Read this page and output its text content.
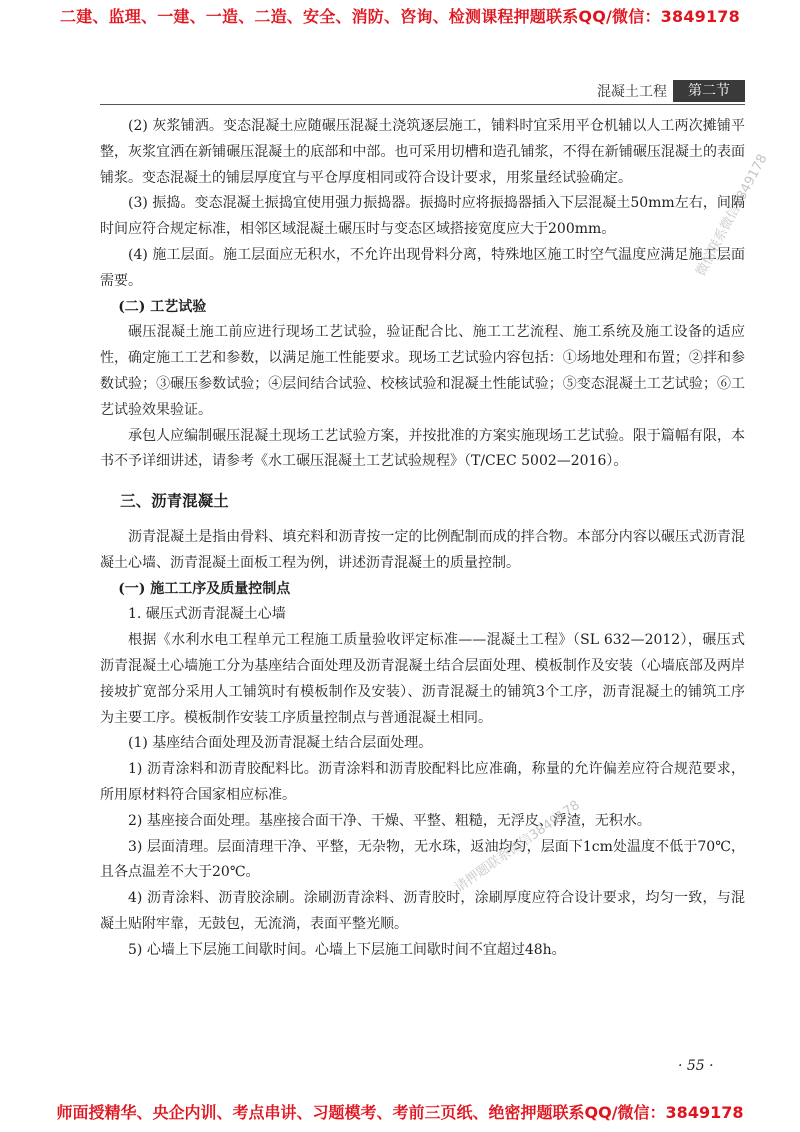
二建、监理、一建、一造、二造、安全、消防、咨询、检测课程押题联系QQ/微信：3849178
混凝土工程	第二节

(2) 灰浆铺洒。变态混凝土应随碾压混凝土浇筑逐层施工，铺料时宜采用平仓机辅以人工两次摊铺平整，灰浆宜洒在新铺碾压混凝土的底部和中部。也可采用切槽和造孔铺浆，不得在新铺碾压混凝土的表面铺浆。变态混凝土的铺层厚度宜与平仓厚度相同或符合设计要求，用浆量经试验确定。

(3) 振捣。变态混凝土振捣宜使用强力振捣器。振捣时应将振捣器插入下层混凝土50mm左右，间隔时间应符合规定标准，相邻区域混凝土碾压时与变态区域搭接宽度应大于200mm。

(4) 施工层面。施工层面应无积水，不允许出现骨料分离，特殊地区施工时空气温度应满足施工层面需要。

(二) 工艺试验

碾压混凝土施工前应进行现场工艺试验，验证配合比、施工工艺流程、施工系统及施工设备的适应性，确定施工工艺和参数，以满足施工性能要求。现场工艺试验内容包括：①场地处理和布置；②拌和参数试验；③碾压参数试验；④层间结合试验、校核试验和混凝土性能试验；⑤变态混凝土工艺试验；⑥工艺试验效果验证。

承包人应编制碾压混凝土现场工艺试验方案，并按批准的方案实施现场工艺试验。限于篇幅有限，本书不予详细讲述，请参考《水工碾压混凝土工艺试验规程》（T/CEC 5002—2016）。

三、沥青混凝土

沥青混凝土是指由骨料、填充料和沥青按一定的比例配制而成的拌合物。本部分内容以碾压式沥青混凝土心墙、沥青混凝土面板工程为例，讲述沥青混凝土的质量控制。

(一) 施工工序及质量控制点

1. 碾压式沥青混凝土心墙

根据《水利水电工程单元工程施工质量验收评定标准——混凝土工程》（SL 632—2012），碾压式沥青混凝土心墙施工分为基座结合面处理及沥青混凝土结合层面处理、模板制作及安装（心墙底部及两岸接坡扩宽部分采用人工铺筑时有模板制作及安装）、沥青混凝土的铺筑3个工序，沥青混凝土的铺筑工序为主要工序。模板制作安装工序质量控制点与普通混凝土相同。

(1) 基座结合面处理及沥青混凝土结合层面处理。

1) 沥青涂料和沥青胶配料比。沥青涂料和沥青胶配料比应准确，称量的允许偏差应符合规范要求，所用原材料符合国家相应标准。

2) 基座接合面处理。基座接合面干净、干燥、平整、粗糙，无浮皮、浮渣，无积水。

3) 层面清理。层面清理干净、平整，无杂物，无水珠，返油均匀，层面下1cm处温度不低于70℃，且各点温差不大于20℃。

4) 沥青涂料、沥青胶涂刷。涂刷沥青涂料、沥青胶时，涂刷厚度应符合设计要求，均匀一致，与混凝土贴附牢靠，无鼓包，无流淌，表面平整光顺。

5) 心墙上下层施工间歇时间。心墙上下层施工间歇时间不宜超过48h。

微信联系微信3849178
请押题联系微信3849178
· 55 ·
师面授精华、央企内训、考点串讲、习题模考、考前三页纸、绝密押题联系QQ/微信：3849178
